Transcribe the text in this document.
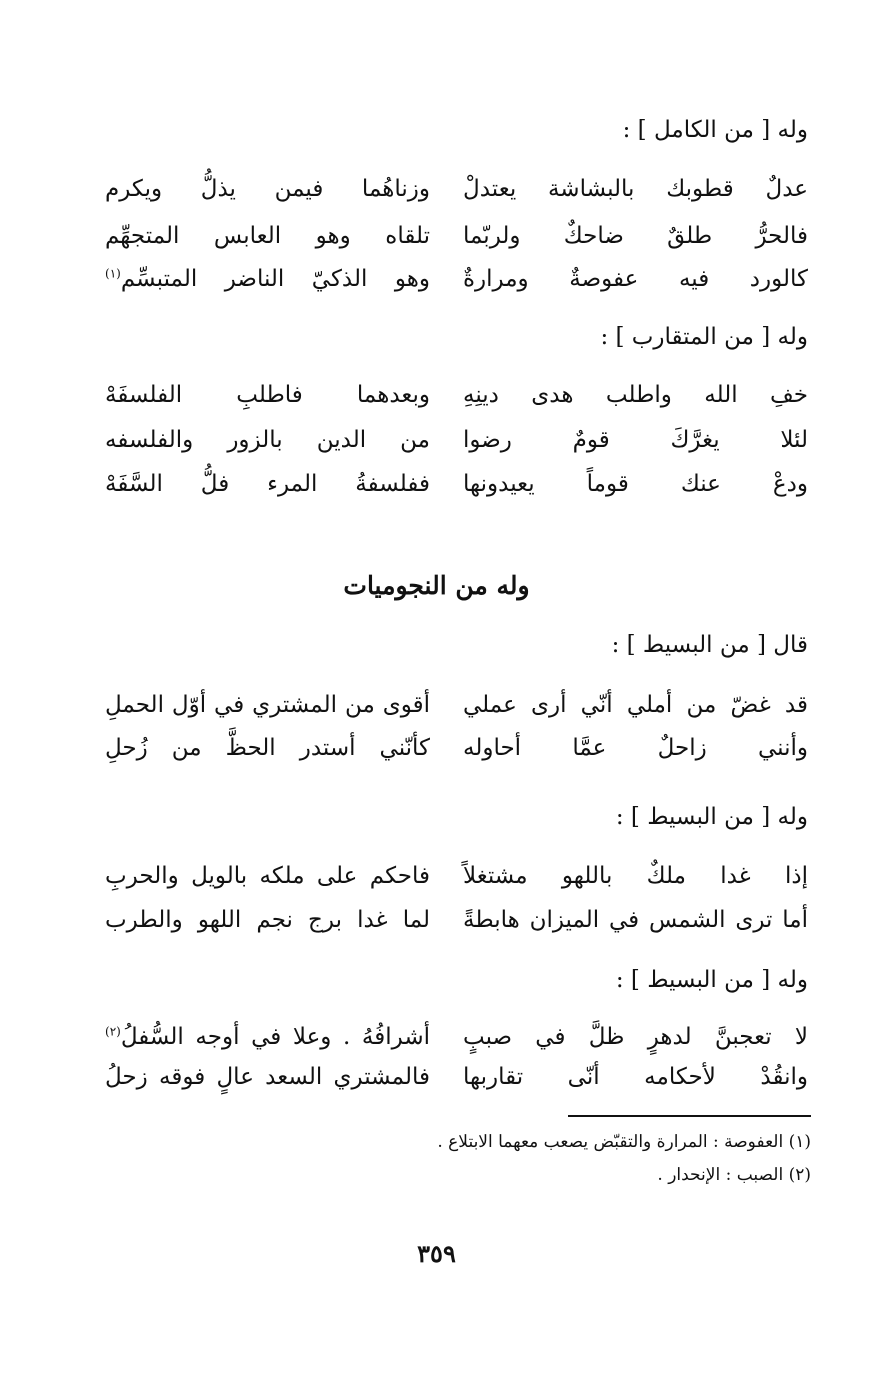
وله [ من الكامل ] :
عدلٌ قطوبك بالبشاشة يعتدلْ
وزناهُما فيمن يذلُّ ويكرم
فالحرُّ طلقٌ ضاحكٌ ولربّما
تلقاه وهو العابس المتجهِّم
كالورد فيه عفوصةٌ ومرارةٌ
وهو الذكيّ الناضر المتبسِّم$^{(١)}$
وله [ من المتقارب ] :
خفِ الله واطلب هدى دينِهِ
وبعدهما فاطلبِ الفلسفَهْ
لئلا يغرَّكَ قومٌ رضوا
من الدين بالزور والفلسفه
ودعْ عنك قوماً يعيدونها
ففلسفةُ المرء فلُّ السَّفَهْ
وله من النجوميات
قال [ من البسيط ] :
قد غضّ من أملي أنّي أرى عملي
أقوى من المشتري في أوّل الحملِ
وأنني زاحلٌ عمَّا أحاوله
كأنّني أستدر الحظَّ من زُحلِ
وله [ من البسيط ] :
إذا غدا ملكٌ باللهو مشتغلاً
فاحكم على ملكه بالويل والحربِ
أما ترى الشمس في الميزان هابطةً
لما غدا برج نجم اللهو والطرب
وله [ من البسيط ] :
لا تعجبنَّ لدهرٍ ظلَّ في صببٍ
أشرافُهُ . وعلا في أوجه السُّفلُ$^{(٢)}$
وانقُدْ لأحكامه أنّى تقاربها
فالمشتري السعد عالٍ فوقه زحلُ
(١) العفوصة : المرارة والتقبّض يصعب معهما الابتلاع .
(٢) الصبب : الإنحدار .
٣٥٩
